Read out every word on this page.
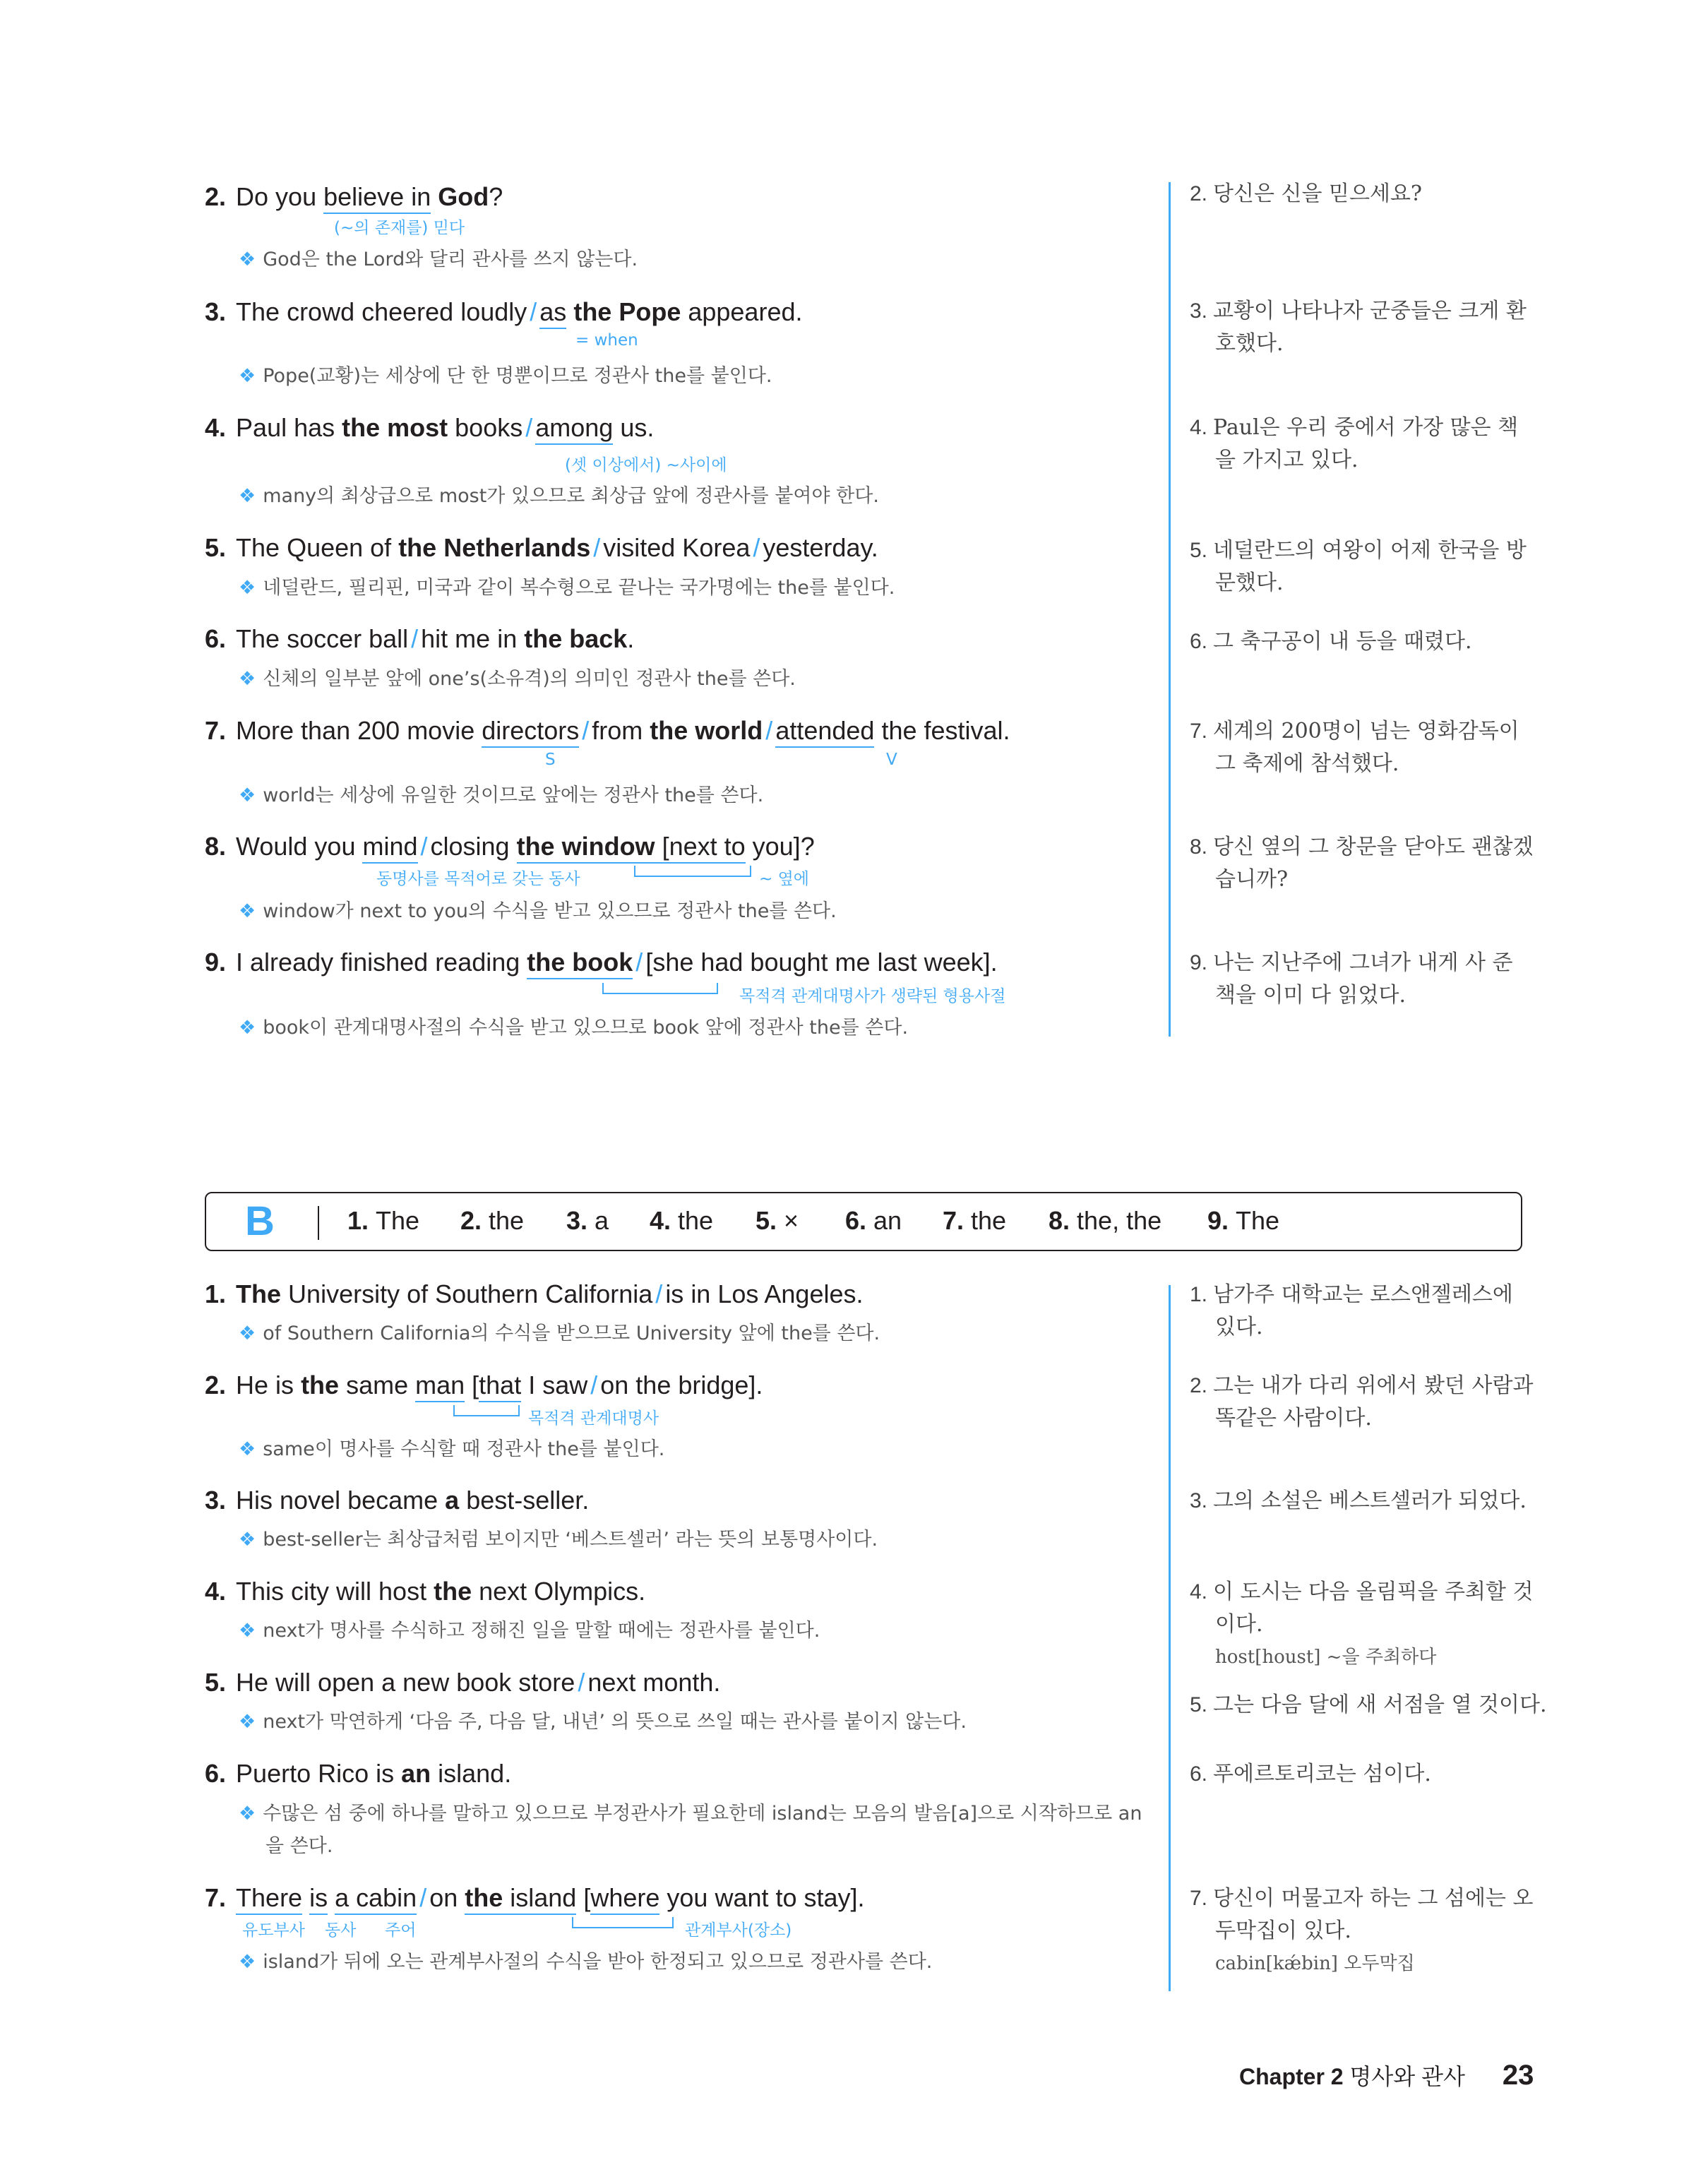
2. Do you believe in God?
(~의 존재를) 믿다
❖ God은 the Lord와 달리 관사를 쓰지 않는다.
2. 당신은 신을 믿으세요?
3. The crowd cheered loudly / as the Pope appeared.
= when
❖ Pope(교황)는 세상에 단 한 명뿐이므로 정관사 the를 붙인다.
3. 교황이 나타나자 군중들은 크게 환
호했다.
4. Paul has the most books / among us.
(셋 이상에서) ~사이에
❖ many의 최상급으로 most가 있으므로 최상급 앞에 정관사를 붙여야 한다.
4. Paul은 우리 중에서 가장 많은 책
을 가지고 있다.
5. The Queen of the Netherlands / visited Korea / yesterday.
❖ 네덜란드, 필리핀, 미국과 같이 복수형으로 끝나는 국가명에는 the를 붙인다.
5. 네덜란드의 여왕이 어제 한국을 방
문했다.
6. The soccer ball / hit me in the back.
❖ 신체의 일부분 앞에 one’s(소유격)의 의미인 정관사 the를 쓴다.
6. 그 축구공이 내 등을 때렸다.
7. More than 200 movie directors / from the world / attended the festival.
S	V
❖ world는 세상에 유일한 것이므로 앞에는 정관사 the를 쓴다.
7. 세계의 200명이 넘는 영화감독이
그 축제에 참석했다.
8. Would you mind / closing the window [next to you]?
동명사를 목적어로 갖는 동사	~ 옆에
❖ window가 next to you의 수식을 받고 있으므로 정관사 the를 쓴다.
8. 당신 옆의 그 창문을 닫아도 괜찮겠
습니까?
9. I already finished reading the book / [she had bought me last week].
목적격 관계대명사가 생략된 형용사절
❖ book이 관계대명사절의 수식을 받고 있으므로 book 앞에 정관사 the를 쓴다.
9. 나는 지난주에 그녀가 내게 사 준
책을 이미 다 읽었다.
B	1. The 2. the 3. a 4. the 5. × 6. an 7. the 8. the, the 9. The
1. The University of Southern California / is in Los Angeles.
❖ of Southern California의 수식을 받으므로 University 앞에 the를 쓴다.
1. 남가주 대학교는 로스앤젤레스에
있다.
2. He is the same man [that I saw / on the bridge].
목적격 관계대명사
❖ same이 명사를 수식할 때 정관사 the를 붙인다.
2. 그는 내가 다리 위에서 봤던 사람과
똑같은 사람이다.
3. His novel became a best-seller.
❖ best-seller는 최상급처럼 보이지만 ‘베스트셀러’ 라는 뜻의 보통명사이다.
3. 그의 소설은 베스트셀러가 되었다.
4. This city will host the next Olympics.
❖ next가 명사를 수식하고 정해진 일을 말할 때에는 정관사를 붙인다.
4. 이 도시는 다음 올림픽을 주최할 것
이다.
host[houst] ~을 주최하다
5. He will open a new book store / next month.
❖ next가 막연하게 ‘다음 주, 다음 달, 내년’ 의 뜻으로 쓰일 때는 관사를 붙이지 않는다.
5. 그는 다음 달에 새 서점을 열 것이다.
6. Puerto Rico is an island.
❖ 수많은 섬 중에 하나를 말하고 있으므로 부정관사가 필요한데 island는 모음의 발음[a]으로 시작하므로 an
을 쓴다.
6. 푸에르토리코는 섬이다.
7. There is a cabin / on the island [where you want to stay].
유도부사 동사 주어	관계부사(장소)
❖ island가 뒤에 오는 관계부사절의 수식을 받아 한정되고 있으므로 정관사를 쓴다.
7. 당신이 머물고자 하는 그 섬에는 오
두막집이 있다.
cabin[kǽbin] 오두막집
Chapter 2 명사와 관사 23
